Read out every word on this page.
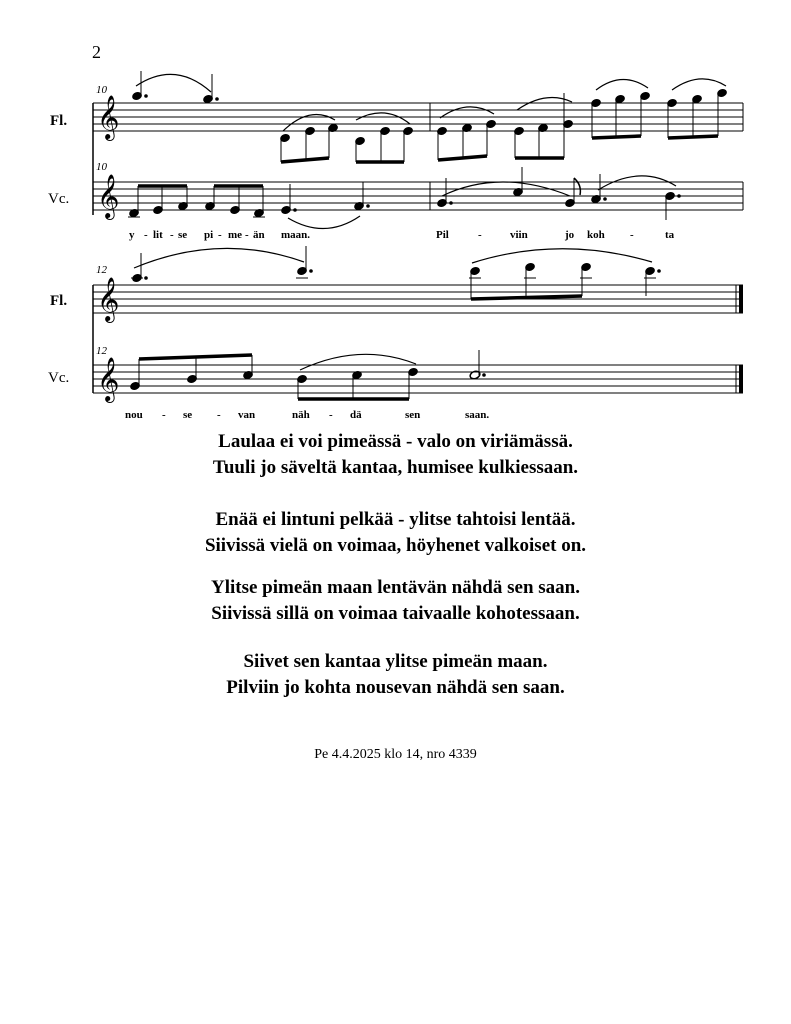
2
10
Fl.
Vc.
10
𝄞
𝄞
y - lit - se pi - me - än maan.	Pil	-	viin	jo koh -	ta
12
Fl.
Vc.
12
𝄞
𝄞
nou - se - van	näh - dä	sen	saan.
Laulaa ei voi pimeässä - valo on viriämässä.
Tuuli jo säveltä kantaa, humisee kulkiessaan.
Enää ei lintuni pelkää - ylitse tahtoisi lentää.
Siivissä vielä on voimaa, höyhenet valkoiset on.
Ylitse pimeän maan lentävän nähdä sen saan.
Siivissä sillä on voimaa taivaalle kohotessaan.
Siivet sen kantaa ylitse pimeän maan.
Pilviin jo kohta nousevan nähdä sen saan.
Pe 4.4.2025 klo 14, nro 4339
